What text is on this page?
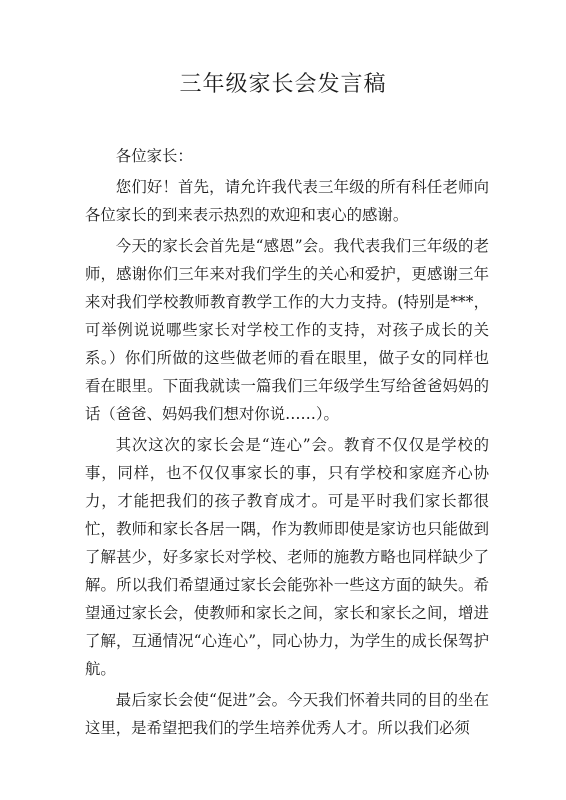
三年级家长会发言稿

各位家长：

您们好！首先，请允许我代表三年级的所有科任老师向各位家长的到来表示热烈的欢迎和衷心的感谢。

今天的家长会首先是“感恩”会。我代表我们三年级的老师，感谢你们三年来对我们学生的关心和爱护，更感谢三年来对我们学校教师教育教学工作的大力支持。(特别是***，可举例说说哪些家长对学校工作的支持，对孩子成长的关系。）你们所做的这些做老师的看在眼里，做子女的同样也看在眼里。下面我就读一篇我们三年级学生写给爸爸妈妈的话（爸爸、妈妈我们想对你说……）。

其次这次的家长会是“连心”会。教育不仅仅是学校的事，同样，也不仅仅事家长的事，只有学校和家庭齐心协力，才能把我们的孩子教育成才。可是平时我们家长都很忙，教师和家长各居一隅，作为教师即使是家访也只能做到了解甚少，好多家长对学校、老师的施教方略也同样缺少了解。所以我们希望通过家长会能弥补一些这方面的缺失。希望通过家长会，使教师和家长之间，家长和家长之间，增进了解，互通情况“心连心”，同心协力，为学生的成长保驾护航。

最后家长会使“促进”会。今天我们怀着共同的目的坐在这里，是希望把我们的学生培养优秀人才。所以我们必须
